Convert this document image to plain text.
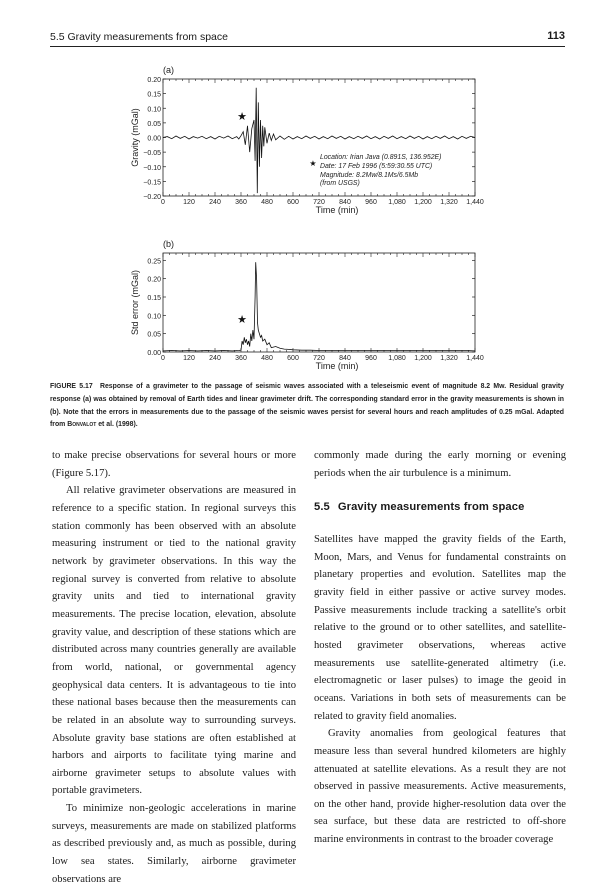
5.5 Gravity measurements from space	113
0.20
0.15
0.10
0.05
0.00
−0.05
−0.10
−0.15
−0.20
0	120 240 360 480 600 720 840 960 1,080 1,200 1,320 1,440
Time (min)
Gravity (mGal)
(a)
★
0.25
0.20
0.15
0.10
0.05
0.00
0	120 240 360 480 600 720 840 960 1,080 1,200 1,320 1,440
Time (min)
Std error (mGal)
(b)
★
★
Location: Irian Java (0.891S, 136.952E)
Date: 17 Feb 1996 (5:59:30.55 UTC)
Magnitude: 8.2Mw/8.1Ms/6.5Mb
(from USGS)
FIGURE 5.17 Response of a gravimeter to the passage of seismic waves associated with a teleseismic event of magnitude 8.2 Mw. Residual gravity response (a) was obtained by removal of Earth tides and linear gravimeter drift. The corresponding standard error in the gravity measurements is shown in (b). Note that the errors in measurements due to the passage of the seismic waves persist for several hours and reach amplitudes of 0.25 mGal. Adapted from Bonvalot et al. (1998).

to make precise observations for several hours or more (Figure 5.17).

All relative gravimeter observations are measured in reference to a specific station. In regional surveys this station commonly has been observed with an absolute measuring instrument or tied to the national gravity network by gravimeter observations. In this way the regional survey is converted from relative to absolute gravity units and tied to international gravity measurements. The precise location, elevation, absolute gravity value, and description of these stations which are distributed across many countries generally are available from world, national, or governmental agency geophysical data centers. It is advantageous to tie into these national bases because then the measurements can be related in an absolute way to surrounding surveys. Absolute gravity base stations are often established at harbors and airports to facilitate tying marine and airborne gravimeter setups to absolute values with portable gravimeters.

To minimize non-geologic accelerations in marine surveys, measurements are made on stabilized platforms as described previously and, as much as possible, during low sea states. Similarly, airborne gravimeter observations are

commonly made during the early morning or evening periods when the air turbulence is a minimum.

5.5 Gravity measurements from space

Satellites have mapped the gravity fields of the Earth, Moon, Mars, and Venus for fundamental constraints on planetary properties and evolution. Satellites map the gravity field in either passive or active survey modes. Passive measurements include tracking a satellite's orbit relative to the ground or to other satellites, and satellite-hosted gravimeter observations, whereas active measurements use satellite-generated altimetry (i.e. electromagnetic or laser pulses) to image the geoid in oceans. Variations in both sets of measurements can be related to gravity field anomalies.

Gravity anomalies from geological features that measure less than several hundred kilometers are highly attenuated at satellite elevations. As a result they are not observed in passive measurements. Active measurements, on the other hand, provide higher-resolution data over the sea surface, but these data are restricted to off-shore marine environments in contrast to the broader coverage
